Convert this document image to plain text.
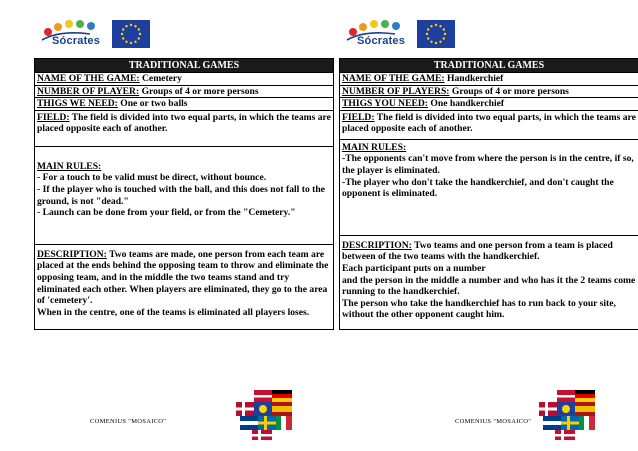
Sócrates
TRADITIONAL GAMES
NAME OF THE GAME: Cemetery
NUMBER OF PLAYER: Groups of 4 or more persons
THIGS WE NEED: One or two balls
FIELD: The field is divided into two equal parts, in which the teams are placed opposite each of another.
MAIN RULES:
- For a touch to be valid must be direct, without bounce.
- If the player who is touched with the ball, and this does not fall to the ground, is not "dead."
- Launch can be done from your field, or from the "Cemetery."
DESCRIPTION: Two teams are made, one person from each team are placed at the ends behind the opposing team to throw and eliminate the opposing team, and in the middle the two teams stand and try eliminated each other. When players are eliminated, they go to the area of 'cemetery'.
When in the centre, one of the teams is eliminated all players loses.
COMENIUS "MOSAICO"
Sócrates
TRADITIONAL GAMES
NAME OF THE GAME: Handkerchief
NUMBER OF PLAYERS: Groups of 4 or more persons
THIGS YOU NEED: One handkerchief
FIELD: The field is divided into two equal parts, in which the teams are placed opposite each of another.
MAIN RULES:
-The opponents can't move from where the person is in the centre, if so, the player is eliminated.
-The player who don't take the handkerchief, and don't caught the opponent is eliminated.
DESCRIPTION: Two teams and one person from a team is placed between of the two teams with the handkerchief.
Each participant puts on a number
and the person in the middle a number and who has it the 2 teams come running to the handkerchief.
The person who take the handkerchief has to run back to your site, without the other opponent caught him.
COMENIUS "MOSAICO"
